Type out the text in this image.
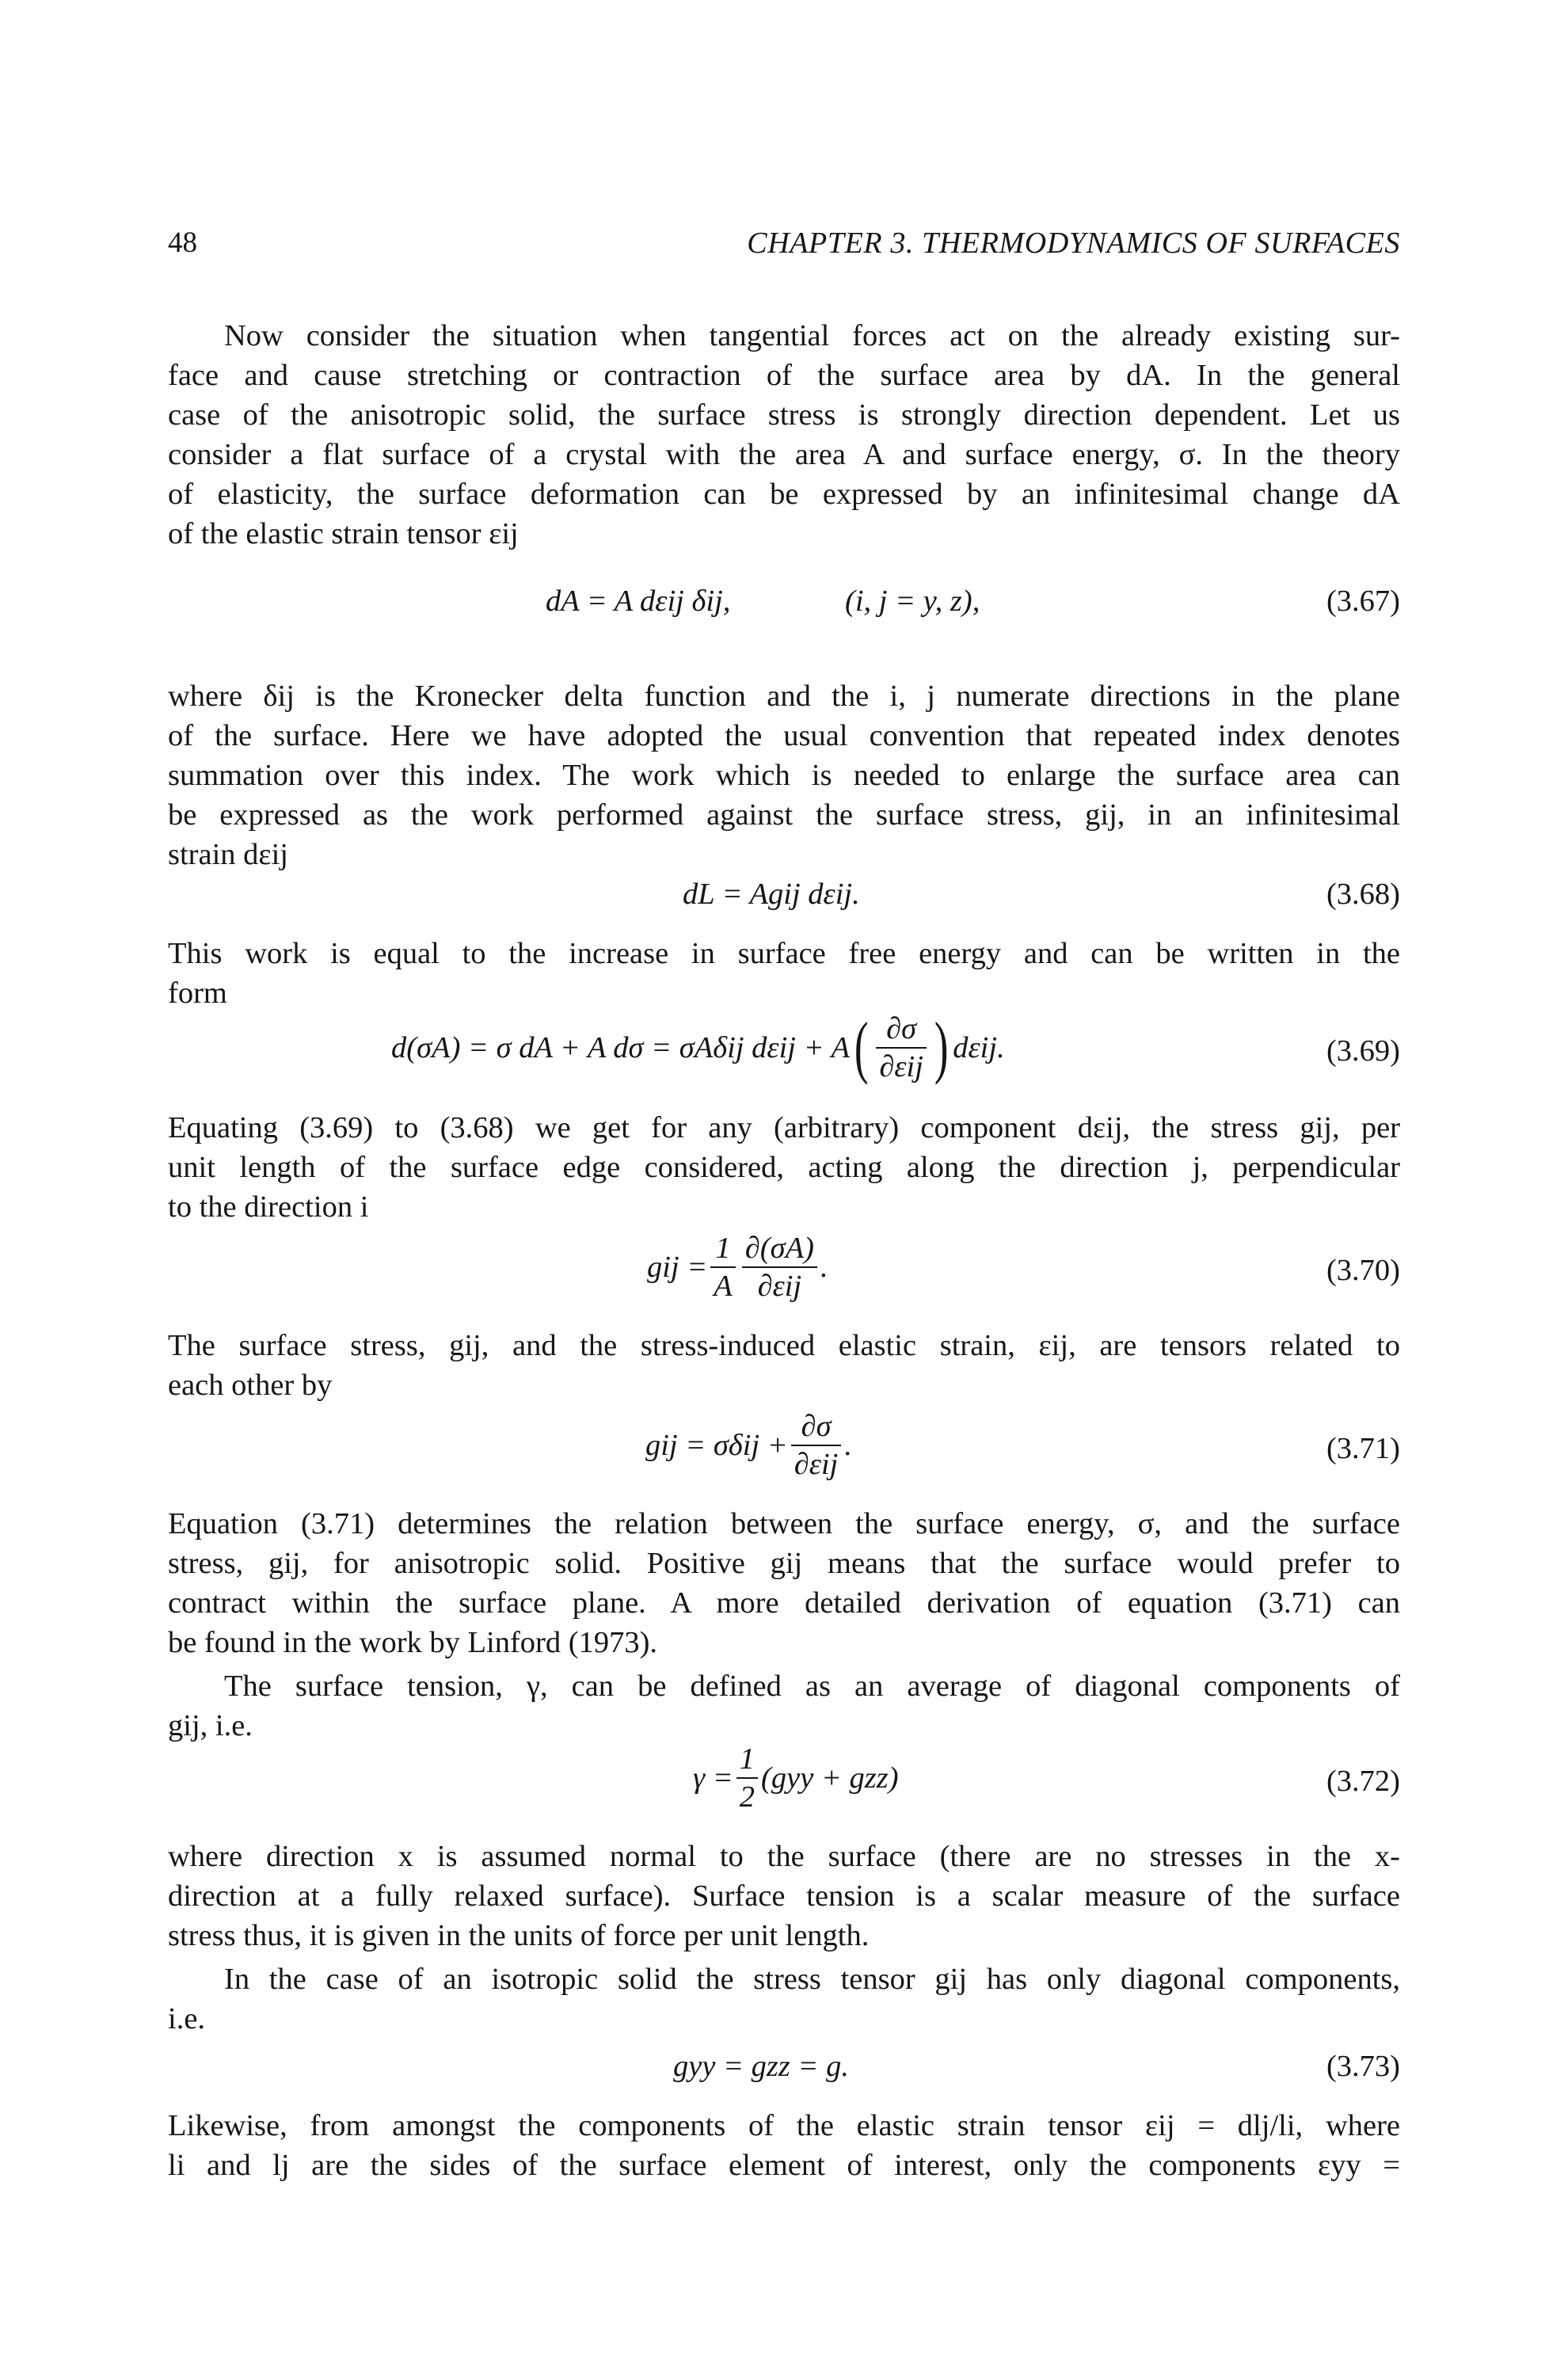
48	CHAPTER 3. THERMODYNAMICS OF SURFACES
Now consider the situation when tangential forces act on the already existing sur-
face and cause stretching or contraction of the surface area by dA. In the general
case of the anisotropic solid, the surface stress is strongly direction dependent. Let us
consider a flat surface of a crystal with the area A and surface energy, σ. In the theory
of elasticity, the surface deformation can be expressed by an infinitesimal change dA
of the elastic strain tensor εij
dA = A dεij δij,	(i, j = y, z),	(3.67)
where δij is the Kronecker delta function and the i, j numerate directions in the plane
of the surface. Here we have adopted the usual convention that repeated index denotes
summation over this index. The work which is needed to enlarge the surface area can
be expressed as the work performed against the surface stress, gij, in an infinitesimal
strain dεij
dL = Agij dεij.	(3.68)
This work is equal to the increase in surface free energy and can be written in the
form
d(σA) = σ dA + A dσ = σAδij dεij + A ( $\frac{\partial\sigma}{\text{∂εij}}$ ) dεij.	(3.69)
Equating (3.69) to (3.68) we get for any (arbitrary) component dεij, the stress gij, per
unit length of the surface edge considered, acting along the direction j, perpendicular
to the direction i
gij = $\frac{1}{A} \frac{\partial(\sigma A)}{\text{∂εij}}$ .	(3.70)
The surface stress, gij, and the stress-induced elastic strain, εij, are tensors related to
each other by
gij = $\sigma\delta ij + \frac{\partial\sigma}{\text{∂εij}}$ .	(3.71)
Equation (3.71) determines the relation between the surface energy, σ, and the surface
stress, gij, for anisotropic solid. Positive gij means that the surface would prefer to
contract within the surface plane. A more detailed derivation of equation (3.71) can
be found in the work by Linford (1973).
The surface tension, γ, can be defined as an average of diagonal components of
gij, i.e.
$\gamma = \frac{1}{2} (gyy + gzz)$	(3.72)
where direction x is assumed normal to the surface (there are no stresses in the x-
direction at a fully relaxed surface). Surface tension is a scalar measure of the surface
stress thus, it is given in the units of force per unit length.
In the case of an isotropic solid the stress tensor gij has only diagonal components,
i.e.
gyy = gzz = g.	(3.73)
Likewise, from amongst the components of the elastic strain tensor εij = dlj/li, where
li and lj are the sides of the surface element of interest, only the components εyy =
